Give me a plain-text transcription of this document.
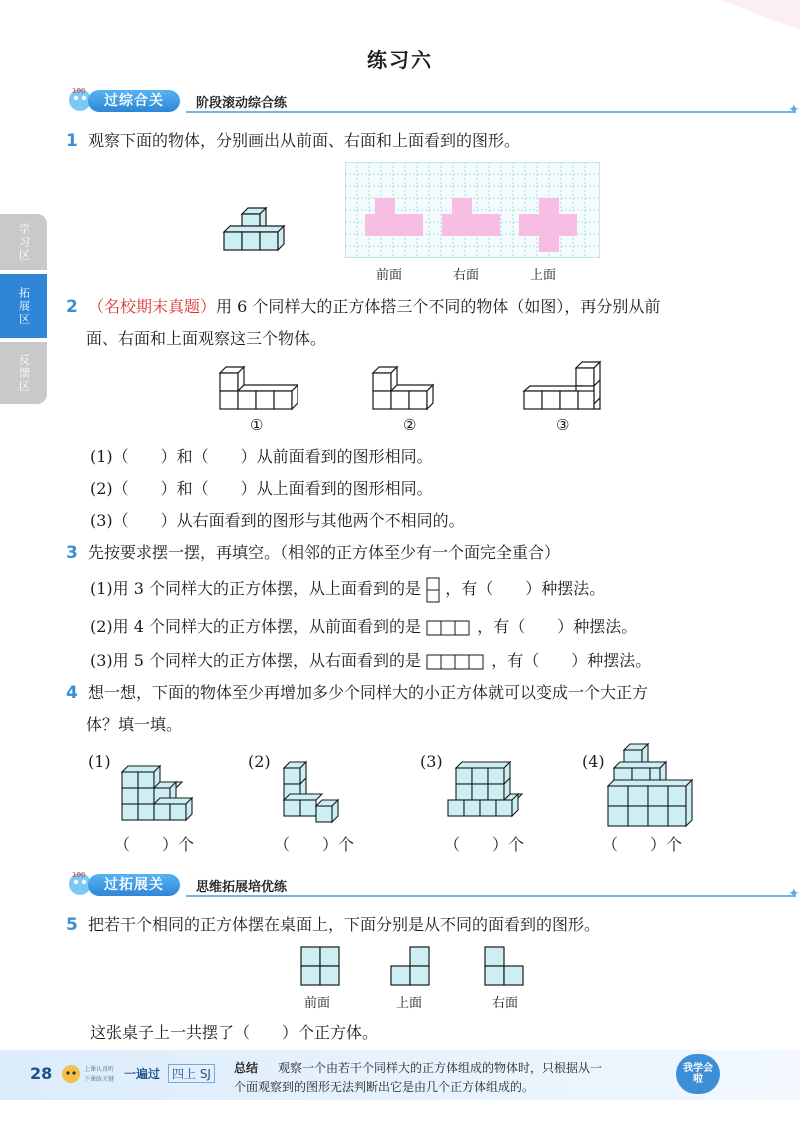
练习六
学习区
拓展区
反馈区
100
过综合关	阶段滚动综合练	✦
1 观察下面的物体，分别画出从前面、右面和上面看到的图形。
前面	右面	上面
2 （名校期末真题）用 6 个同样大的正方体搭三个不同的物体（如图），再分别从前
面、右面和上面观察这三个物体。
①	②	③
(1)（　　）和（　　）从前面看到的图形相同。
(2)（　　）和（　　）从上面看到的图形相同。
(3)（　　）从右面看到的图形与其他两个不相同的。
3 先按要求摆一摆，再填空。（相邻的正方体至少有一个面完全重合）
(1)用 3 个同样大的正方体摆，从上面看到的是 ，有（　　）种摆法。
(2)用 4 个同样大的正方体摆，从前面看到的是	，有（　　）种摆法。
(3)用 5 个同样大的正方体摆，从右面看到的是	，有（　　）种摆法。
4 想一想，下面的物体至少再增加多少个同样大的小正方体就可以变成一个大正方
体？填一填。
(1)	(2)	(3)	(4)
（　　）个	（　　）个	（　　）个	（　　）个
100
过拓展关	思维拓展培优练	✦
5 把若干个相同的正方体摆在桌面上，下面分别是从不同的面看到的图形。
前面	上面	右面
这张桌子上一共摆了（　　）个正方体。
28	上课认真听
下课练关键 一遍过 四上 SJ	总结 观察一个由若干个同样大的正方体组成的物体时，只根据从一
个面观察到的图形无法判断出它是由几个正方体组成的。
我学会啦
